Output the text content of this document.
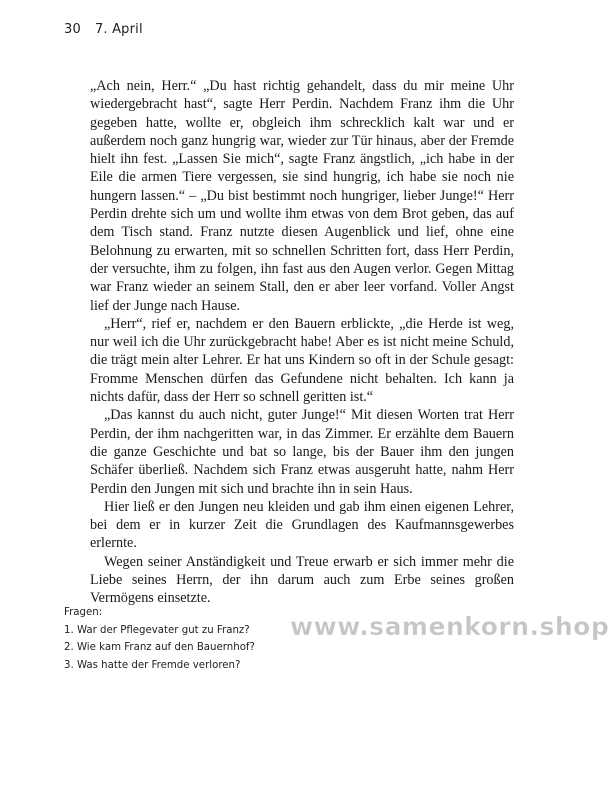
30 7. April

„Ach nein, Herr.“ „Du hast richtig gehandelt, dass du mir meine Uhr wiedergebracht hast“, sagte Herr Perdin. Nachdem Franz ihm die Uhr gegeben hatte, wollte er, obgleich ihm schrecklich kalt war und er außerdem noch ganz hungrig war, wieder zur Tür hinaus, aber der Fremde hielt ihn fest. „Lassen Sie mich“, sagte Franz ängstlich, „ich habe in der Eile die armen Tiere vergessen, sie sind hungrig, ich habe sie noch nie hungern lassen.“ – „Du bist bestimmt noch hungriger, lieber Junge!“ Herr Perdin drehte sich um und wollte ihm etwas von dem Brot geben, das auf dem Tisch stand. Franz nutzte diesen Augenblick und lief, ohne eine Belohnung zu erwarten, mit so schnellen Schritten fort, dass Herr Perdin, der versuchte, ihm zu folgen, ihn fast aus den Augen verlor. Gegen Mittag war Franz wieder an seinem Stall, den er aber leer vorfand. Voller Angst lief der Junge nach Hause.

„Herr“, rief er, nachdem er den Bauern erblickte, „die Herde ist weg, nur weil ich die Uhr zurückgebracht habe! Aber es ist nicht meine Schuld, die trägt mein alter Lehrer. Er hat uns Kindern so oft in der Schule gesagt: Fromme Menschen dürfen das Gefundene nicht behalten. Ich kann ja nichts dafür, dass der Herr so schnell geritten ist.“

„Das kannst du auch nicht, guter Junge!“ Mit diesen Worten trat Herr Perdin, der ihm nachgeritten war, in das Zimmer. Er erzählte dem Bauern die ganze Geschichte und bat so lange, bis der Bauer ihm den jungen Schäfer überließ. Nachdem sich Franz etwas ausgeruht hatte, nahm Herr Perdin den Jungen mit sich und brachte ihn in sein Haus.

Hier ließ er den Jungen neu kleiden und gab ihm einen eigenen Lehrer, bei dem er in kurzer Zeit die Grundlagen des Kaufmannsgewerbes erlernte.

Wegen seiner Anständigkeit und Treue erwarb er sich immer mehr die Liebe seines Herrn, der ihn darum auch zum Erbe seines großen Vermögens einsetzte.

Fragen:
1. War der Pflegevater gut zu Franz?
2. Wie kam Franz auf den Bauernhof?
3. Was hatte der Fremde verloren?
www.samenkorn.shop
